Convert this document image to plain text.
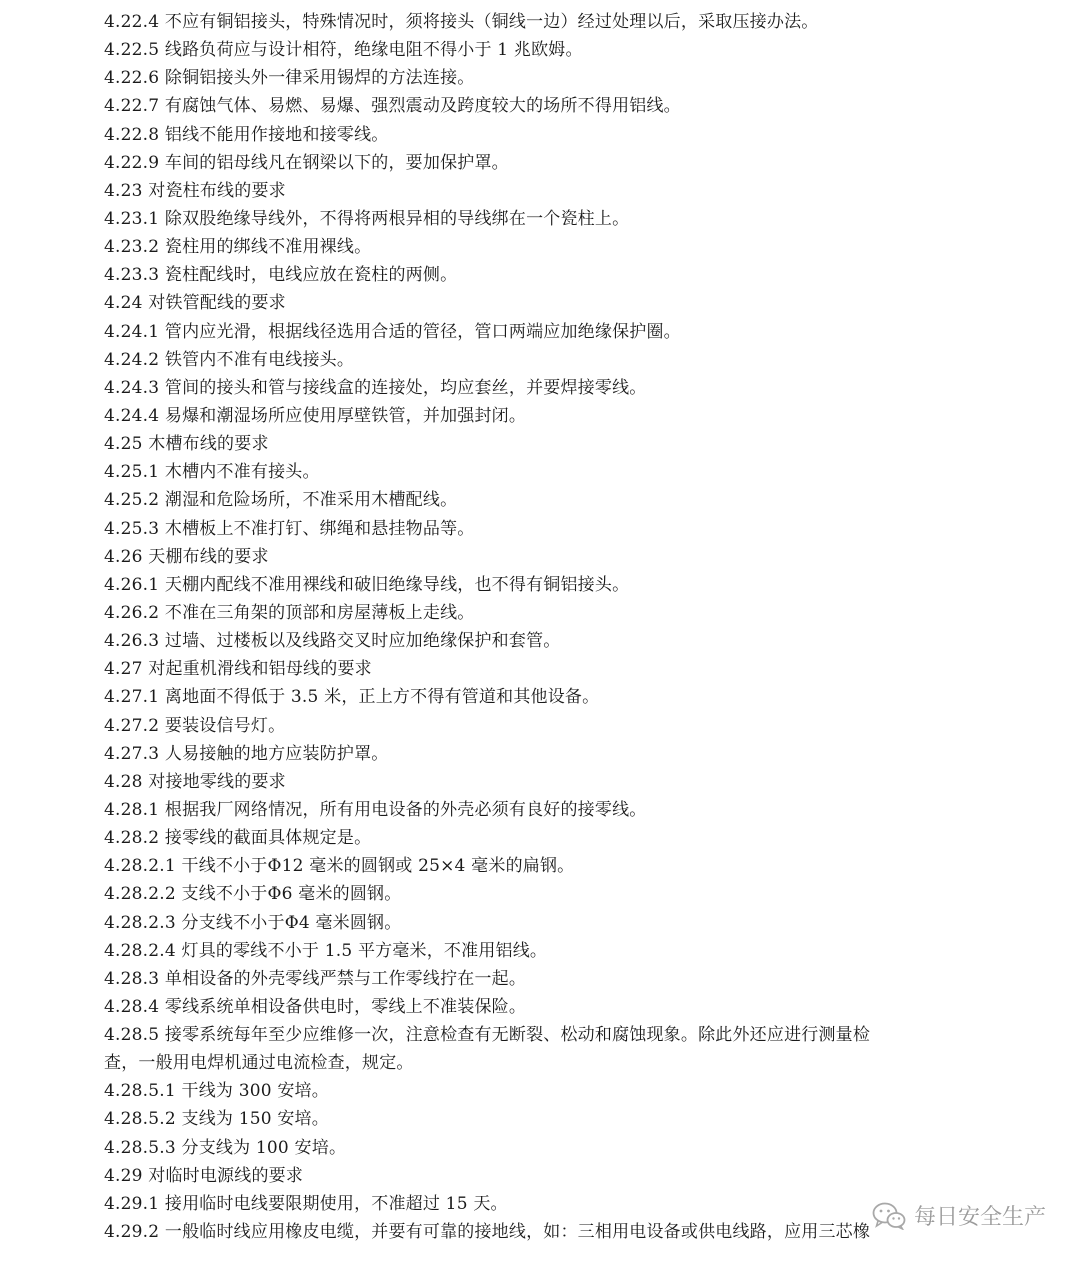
4.22.4 不应有铜铝接头，特殊情况时，须将接头（铜线一边）经过处理以后，采取压接办法。
4.22.5 线路负荷应与设计相符，绝缘电阻不得小于 1 兆欧姆。
4.22.6 除铜铝接头外一律采用锡焊的方法连接。
4.22.7 有腐蚀气体、易燃、易爆、强烈震动及跨度较大的场所不得用铝线。
4.22.8 铝线不能用作接地和接零线。
4.22.9 车间的铝母线凡在钢梁以下的，要加保护罩。
4.23 对瓷柱布线的要求
4.23.1 除双股绝缘导线外，不得将两根异相的导线绑在一个瓷柱上。
4.23.2 瓷柱用的绑线不准用裸线。
4.23.3 瓷柱配线时，电线应放在瓷柱的两侧。
4.24 对铁管配线的要求
4.24.1 管内应光滑，根据线径选用合适的管径，管口两端应加绝缘保护圈。
4.24.2 铁管内不准有电线接头。
4.24.3 管间的接头和管与接线盒的连接处，均应套丝，并要焊接零线。
4.24.4 易爆和潮湿场所应使用厚壁铁管，并加强封闭。
4.25 木槽布线的要求
4.25.1 木槽内不准有接头。
4.25.2 潮湿和危险场所，不准采用木槽配线。
4.25.3 木槽板上不准打钉、绑绳和悬挂物品等。
4.26 天棚布线的要求
4.26.1 天棚内配线不准用裸线和破旧绝缘导线，也不得有铜铝接头。
4.26.2 不准在三角架的顶部和房屋薄板上走线。
4.26.3 过墙、过楼板以及线路交叉时应加绝缘保护和套管。
4.27 对起重机滑线和铝母线的要求
4.27.1 离地面不得低于 3.5 米，正上方不得有管道和其他设备。
4.27.2 要装设信号灯。
4.27.3 人易接触的地方应装防护罩。
4.28 对接地零线的要求
4.28.1 根据我厂网络情况，所有用电设备的外壳必须有良好的接零线。
4.28.2 接零线的截面具体规定是。
4.28.2.1 干线不小于Φ12 毫米的圆钢或 25×4 毫米的扁钢。
4.28.2.2 支线不小于Φ6 毫米的圆钢。
4.28.2.3 分支线不小于Φ4 毫米圆钢。
4.28.2.4 灯具的零线不小于 1.5 平方毫米，不准用铝线。
4.28.3 单相设备的外壳零线严禁与工作零线拧在一起。
4.28.4 零线系统单相设备供电时，零线上不准装保险。
4.28.5 接零系统每年至少应维修一次，注意检查有无断裂、松动和腐蚀现象。除此外还应进行测量检
查，一般用电焊机通过电流检查，规定。
4.28.5.1 干线为 300 安培。
4.28.5.2 支线为 150 安培。
4.28.5.3 分支线为 100 安培。
4.29 对临时电源线的要求
4.29.1 接用临时电线要限期使用，不准超过 15 天。
4.29.2 一般临时线应用橡皮电缆，并要有可靠的接地线，如：三相用电设备或供电线路，应用三芯橡
每日安全生产
